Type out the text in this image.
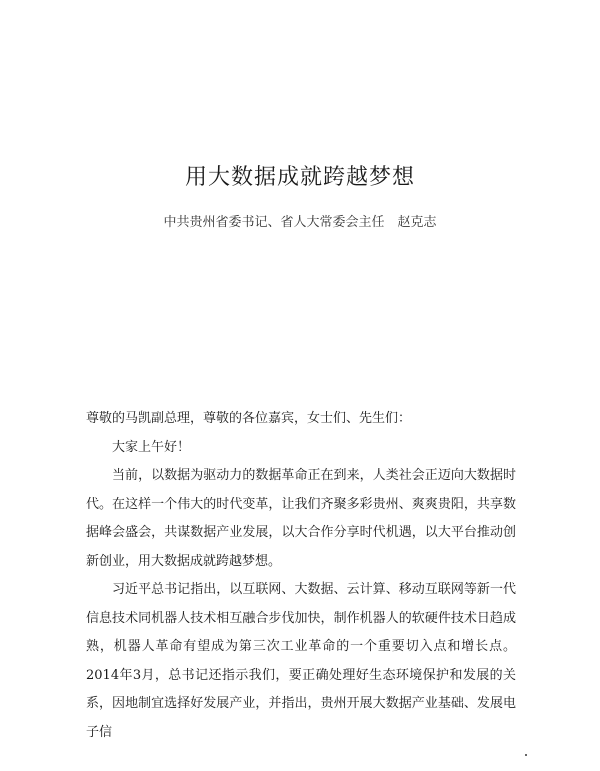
用大数据成就跨越梦想
中共贵州省委书记、省人大常委会主任　赵克志

尊敬的马凯副总理，尊敬的各位嘉宾，女士们、先生们：

大家上午好！

当前，以数据为驱动力的数据革命正在到来，人类社会正迈向大数据时代。在这样一个伟大的时代变革，让我们齐聚多彩贵州、爽爽贵阳，共享数据峰会盛会，共谋数据产业发展，以大合作分享时代机遇，以大平台推动创新创业，用大数据成就跨越梦想。

习近平总书记指出，以互联网、大数据、云计算、移动互联网等新一代信息技术同机器人技术相互融合步伐加快，制作机器人的软硬件技术日趋成熟，机器人革命有望成为第三次工业革命的一个重要切入点和增长点。2014年3月，总书记还指示我们，要正确处理好生态环境保护和发展的关系，因地制宜选择好发展产业，并指出，贵州开展大数据产业基础、发展电子信
